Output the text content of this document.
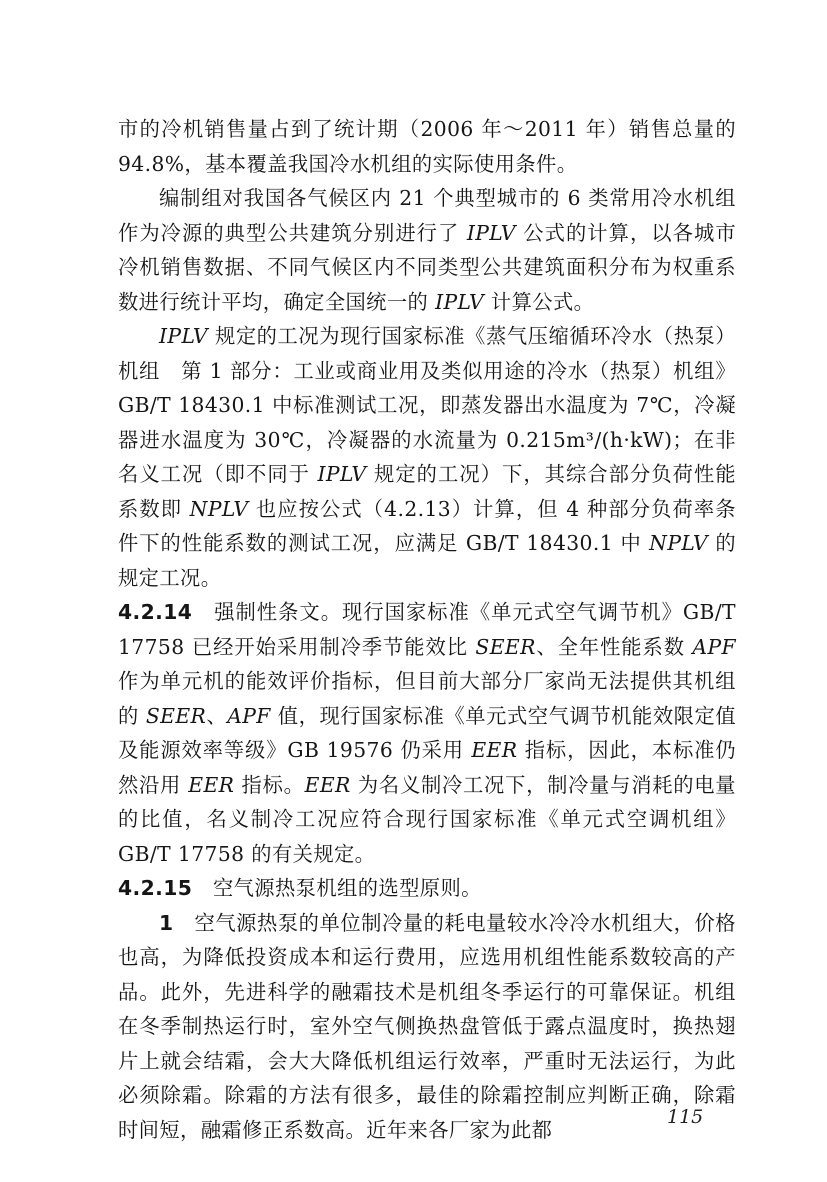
市的冷机销售量占到了统计期（2006 年～2011 年）销售总量的 94.8%，基本覆盖我国冷水机组的实际使用条件。

编制组对我国各气候区内 21 个典型城市的 6 类常用冷水机组作为冷源的典型公共建筑分别进行了 IPLV 公式的计算，以各城市冷机销售数据、不同气候区内不同类型公共建筑面积分布为权重系数进行统计平均，确定全国统一的 IPLV 计算公式。

IPLV 规定的工况为现行国家标准《蒸气压缩循环冷水（热泵）机组　第 1 部分：工业或商业用及类似用途的冷水（热泵）机组》GB/T 18430.1 中标准测试工况，即蒸发器出水温度为 7℃，冷凝器进水温度为 30℃，冷凝器的水流量为 0.215m³/(h·kW)；在非名义工况（即不同于 IPLV 规定的工况）下，其综合部分负荷性能系数即 NPLV 也应按公式（4.2.13）计算，但 4 种部分负荷率条件下的性能系数的测试工况，应满足 GB/T 18430.1 中 NPLV 的规定工况。

4.2.14　强制性条文。现行国家标准《单元式空气调节机》GB/T 17758 已经开始采用制冷季节能效比 SEER、全年性能系数 APF 作为单元机的能效评价指标，但目前大部分厂家尚无法提供其机组的 SEER、APF 值，现行国家标准《单元式空气调节机能效限定值及能源效率等级》GB 19576 仍采用 EER 指标，因此，本标准仍然沿用 EER 指标。EER 为名义制冷工况下，制冷量与消耗的电量的比值，名义制冷工况应符合现行国家标准《单元式空调机组》GB/T 17758 的有关规定。

4.2.15　空气源热泵机组的选型原则。

1　空气源热泵的单位制冷量的耗电量较水冷冷水机组大，价格也高，为降低投资成本和运行费用，应选用机组性能系数较高的产品。此外，先进科学的融霜技术是机组冬季运行的可靠保证。机组在冬季制热运行时，室外空气侧换热盘管低于露点温度时，换热翅片上就会结霜，会大大降低机组运行效率，严重时无法运行，为此必须除霜。除霜的方法有很多，最佳的除霜控制应判断正确，除霜时间短，融霜修正系数高。近年来各厂家为此都

115
